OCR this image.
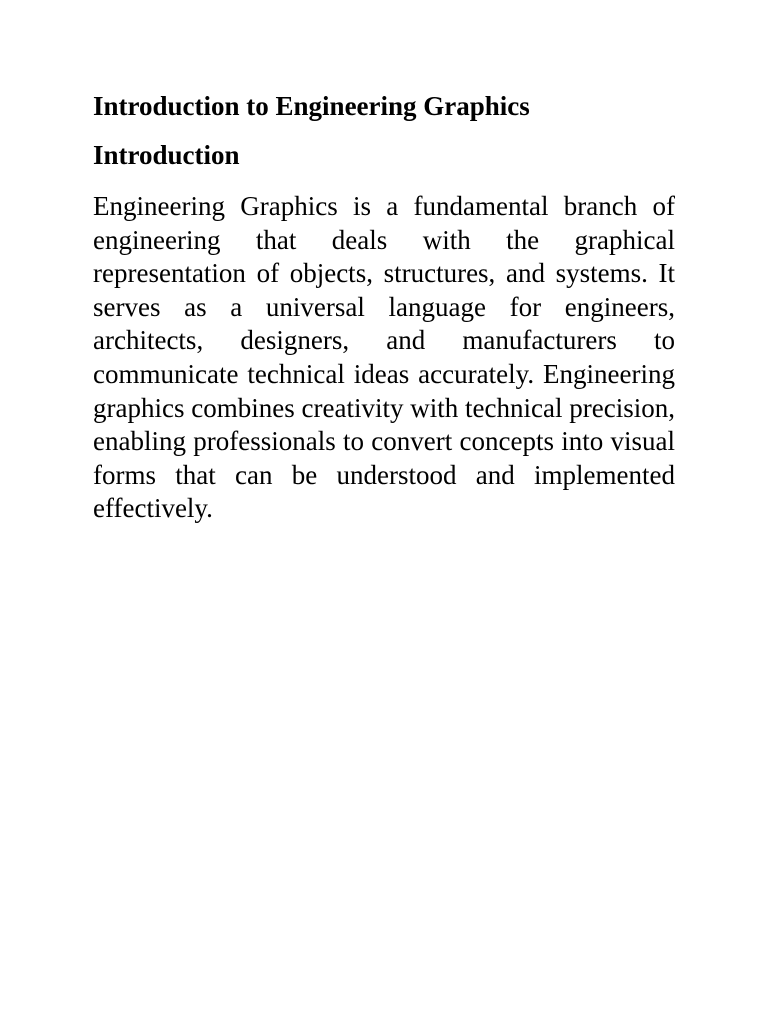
Introduction to Engineering Graphics
Introduction

Engineering Graphics is a fundamental branch of engineering that deals with the graphical representation of objects, structures, and systems. It serves as a universal language for engineers, architects, designers, and manufacturers to communicate technical ideas accurately. Engineering graphics combines creativity with technical precision, enabling professionals to convert concepts into visual forms that can be understood and implemented effectively.
